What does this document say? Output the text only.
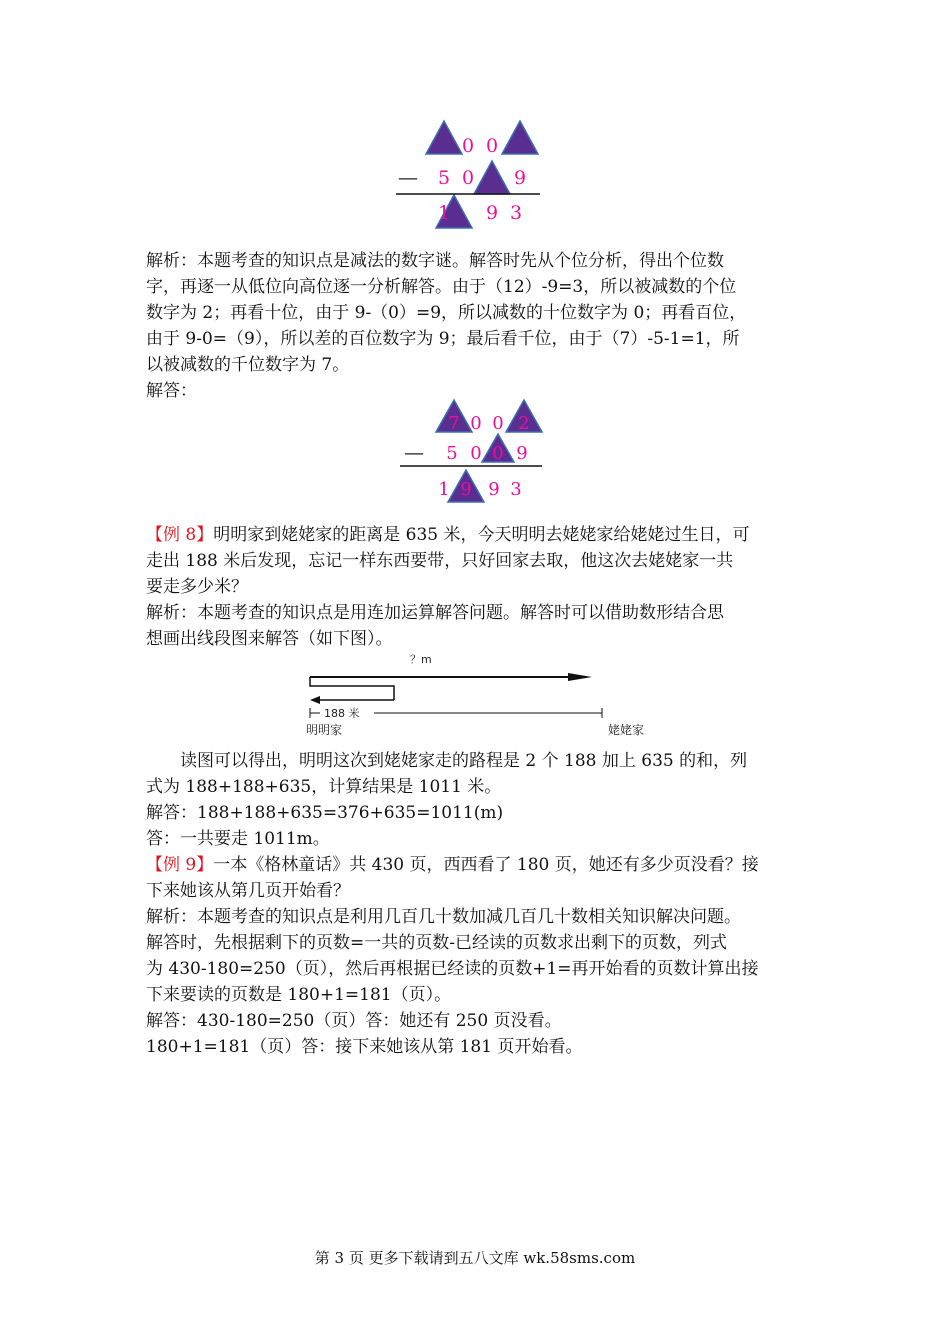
0 0
5 0 9
1 9 3
—

解析：本题考查的知识点是减法的数字谜。解答时先从个位分析，得出个位数

字，再逐一从低位向高位逐一分析解答。由于（12）-9=3，所以被减数的个位

数字为 2；再看十位，由于 9-（0）=9，所以减数的十位数字为 0；再看百位，

由于 9-0=（9），所以差的百位数字为 9；最后看千位，由于（7）-5-1=1，所

以被减数的千位数字为 7。

解答：

7 0 0 2
5 0 0 9
1 9 9 3
—

【例 8】明明家到姥姥家的距离是 635 米，今天明明去姥姥家给姥姥过生日，可

走出 188 米后发现，忘记一样东西要带，只好回家去取，他这次去姥姥家一共

要走多少米？

解析：本题考查的知识点是用连加运算解答问题。解答时可以借助数形结合思

想画出线段图来解答（如下图）。

？m
188 米
明明家	姥姥家

　　读图可以得出，明明这次到姥姥家走的路程是 2 个 188 加上 635 的和，列

式为 188+188+635，计算结果是 1011 米。

解答：188+188+635=376+635=1011(m)

答：一共要走 1011m。

【例 9】一本《格林童话》共 430 页，西西看了 180 页，她还有多少页没看？接

下来她该从第几页开始看？

解析：本题考查的知识点是利用几百几十数加减几百几十数相关知识解决问题。

解答时，先根据剩下的页数=一共的页数-已经读的页数求出剩下的页数，列式

为 430-180=250（页），然后再根据已经读的页数+1=再开始看的页数计算出接

下来要读的页数是 180+1=181（页）。

解答：430-180=250（页）答：她还有 250 页没看。

180+1=181（页）答：接下来她该从第 181 页开始看。

第 3 页 更多下载请到五八文库 wk.58sms.com
